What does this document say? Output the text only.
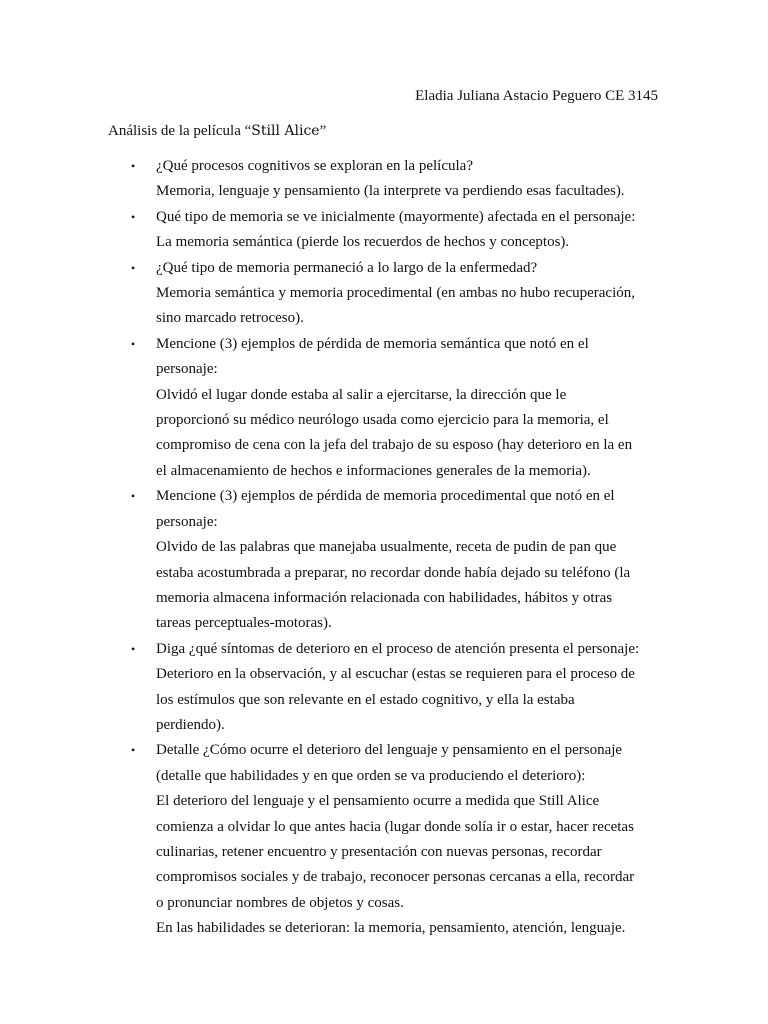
Eladia Juliana Astacio Peguero CE 3145
Análisis de la película “Still Alice”
• ¿Qué procesos cognitivos se exploran en la película?
Memoria, lenguaje y pensamiento (la interprete va perdiendo esas facultades).
• Qué tipo de memoria se ve inicialmente (mayormente) afectada en el personaje:
La memoria semántica (pierde los recuerdos de hechos y conceptos).
• ¿Qué tipo de memoria permaneció a lo largo de la enfermedad?
Memoria semántica y memoria procedimental (en ambas no hubo recuperación,
sino marcado retroceso).
• Mencione (3) ejemplos de pérdida de memoria semántica que notó en el
personaje:
Olvidó el lugar donde estaba al salir a ejercitarse, la dirección que le
proporcionó su médico neurólogo usada como ejercicio para la memoria, el
compromiso de cena con la jefa del trabajo de su esposo (hay deterioro en la en
el almacenamiento de hechos e informaciones generales de la memoria).
• Mencione (3) ejemplos de pérdida de memoria procedimental que notó en el
personaje:
Olvido de las palabras que manejaba usualmente, receta de pudin de pan que
estaba acostumbrada a preparar, no recordar donde había dejado su teléfono (la
memoria almacena información relacionada con habilidades, hábitos y otras
tareas perceptuales-motoras).
• Diga ¿qué síntomas de deterioro en el proceso de atención presenta el personaje:
Deterioro en la observación, y al escuchar (estas se requieren para el proceso de
los estímulos que son relevante en el estado cognitivo, y ella la estaba
perdiendo).
• Detalle ¿Cómo ocurre el deterioro del lenguaje y pensamiento en el personaje
(detalle que habilidades y en que orden se va produciendo el deterioro):
El deterioro del lenguaje y el pensamiento ocurre a medida que Still Alice
comienza a olvidar lo que antes hacia (lugar donde solía ir o estar, hacer recetas
culinarias, retener encuentro y presentación con nuevas personas, recordar
compromisos sociales y de trabajo, reconocer personas cercanas a ella, recordar
o pronunciar nombres de objetos y cosas.
En las habilidades se deterioran: la memoria, pensamiento, atención, lenguaje.
